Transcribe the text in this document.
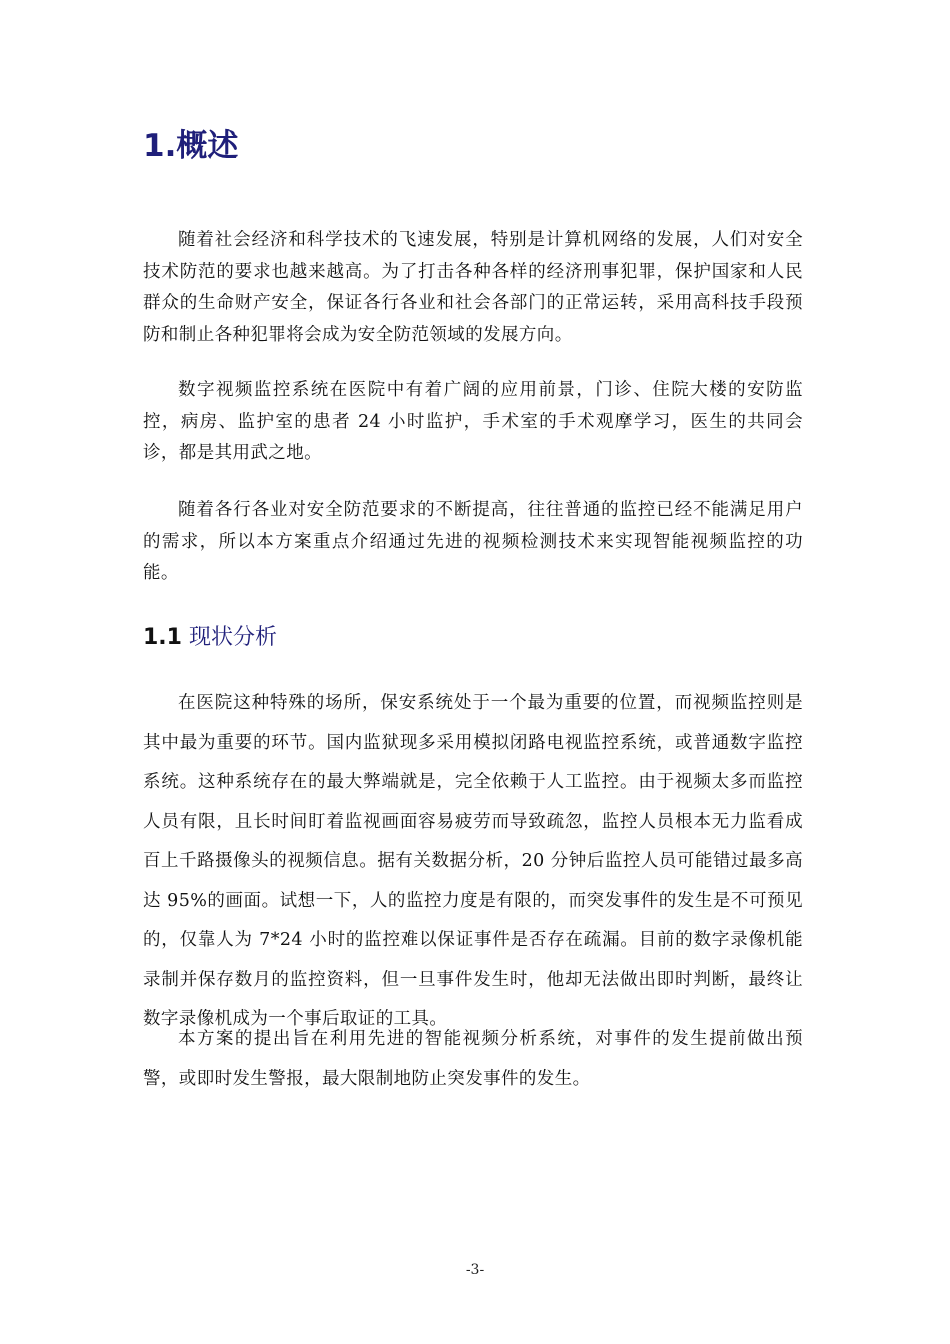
1.概述

随着社会经济和科学技术的飞速发展，特别是计算机网络的发展，人们对安全技术防范的要求也越来越高。为了打击各种各样的经济刑事犯罪，保护国家和人民群众的生命财产安全，保证各行各业和社会各部门的正常运转，采用高科技手段预防和制止各种犯罪将会成为安全防范领域的发展方向。

数字视频监控系统在医院中有着广阔的应用前景，门诊、住院大楼的安防监控，病房、监护室的患者 24 小时监护，手术室的手术观摩学习，医生的共同会诊，都是其用武之地。

随着各行各业对安全防范要求的不断提高，往往普通的监控已经不能满足用户的需求，所以本方案重点介绍通过先进的视频检测技术来实现智能视频监控的功能。

1.1 现状分析

在医院这种特殊的场所，保安系统处于一个最为重要的位置，而视频监控则是其中最为重要的环节。国内监狱现多采用模拟闭路电视监控系统，或普通数字监控系统。这种系统存在的最大弊端就是，完全依赖于人工监控。由于视频太多而监控人员有限，且长时间盯着监视画面容易疲劳而导致疏忽，监控人员根本无力监看成百上千路摄像头的视频信息。据有关数据分析，20 分钟后监控人员可能错过最多高达 95%的画面。试想一下，人的监控力度是有限的，而突发事件的发生是不可预见的，仅靠人为 7*24 小时的监控难以保证事件是否存在疏漏。目前的数字录像机能录制并保存数月的监控资料，但一旦事件发生时，他却无法做出即时判断，最终让数字录像机成为一个事后取证的工具。

本方案的提出旨在利用先进的智能视频分析系统，对事件的发生提前做出预警，或即时发生警报，最大限制地防止突发事件的发生。

-3-
